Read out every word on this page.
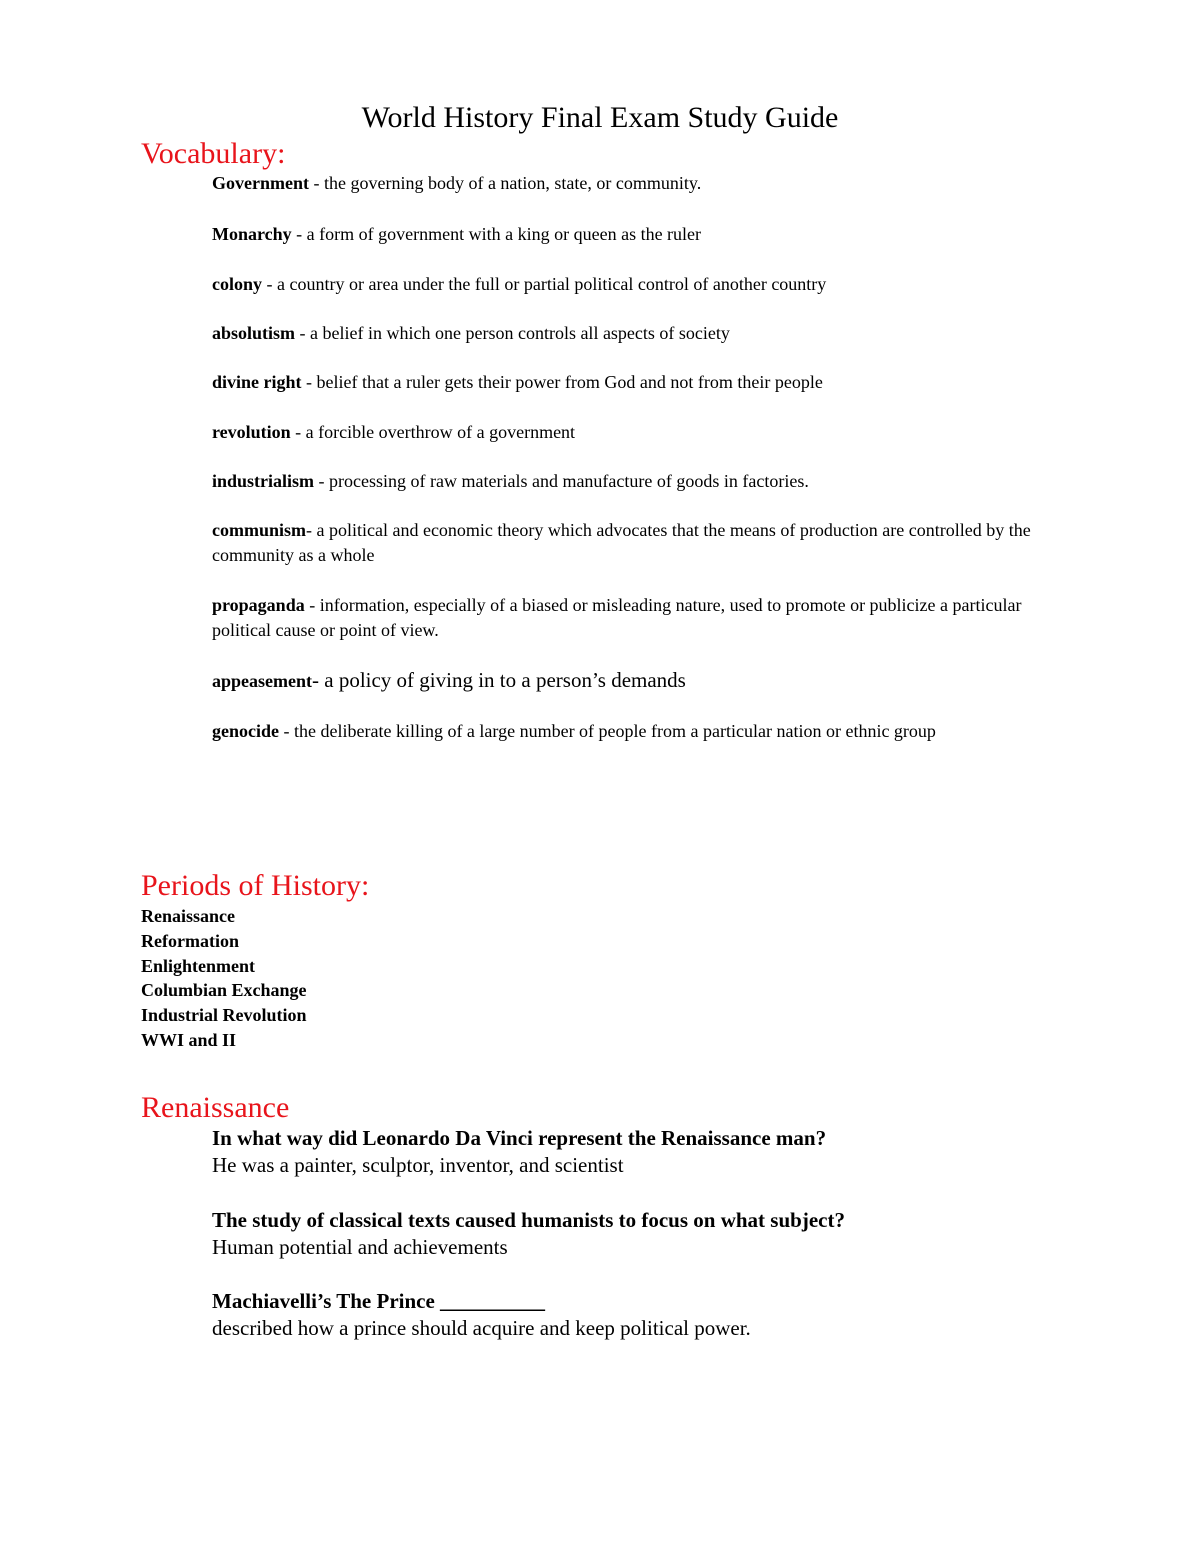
World History Final Exam Study Guide
Vocabulary:
Government - the governing body of a nation, state, or community.
Monarchy - a form of government with a king or queen as the ruler
colony - a country or area under the full or partial political control of another country
absolutism - a belief in which one person controls all aspects of society
divine right - belief that a ruler gets their power from God and not from their people
revolution - a forcible overthrow of a government
industrialism - processing of raw materials and manufacture of goods in factories.
communism- a political and economic theory which advocates that the means of production are controlled by the community as a whole
propaganda - information, especially of a biased or misleading nature, used to promote or publicize a particular political cause or point of view.
appeasement- a policy of giving in to a person’s demands
genocide - the deliberate killing of a large number of people from a particular nation or ethnic group
Periods of History:
Renaissance
Reformation
Enlightenment
Columbian Exchange
Industrial Revolution
WWI and II
Renaissance
In what way did Leonardo Da Vinci represent the Renaissance man?
He was a painter, sculptor, inventor, and scientist
The study of classical texts caused humanists to focus on what subject?
Human potential and achievements
Machiavelli’s The Prince __________
described how a prince should acquire and keep political power.
